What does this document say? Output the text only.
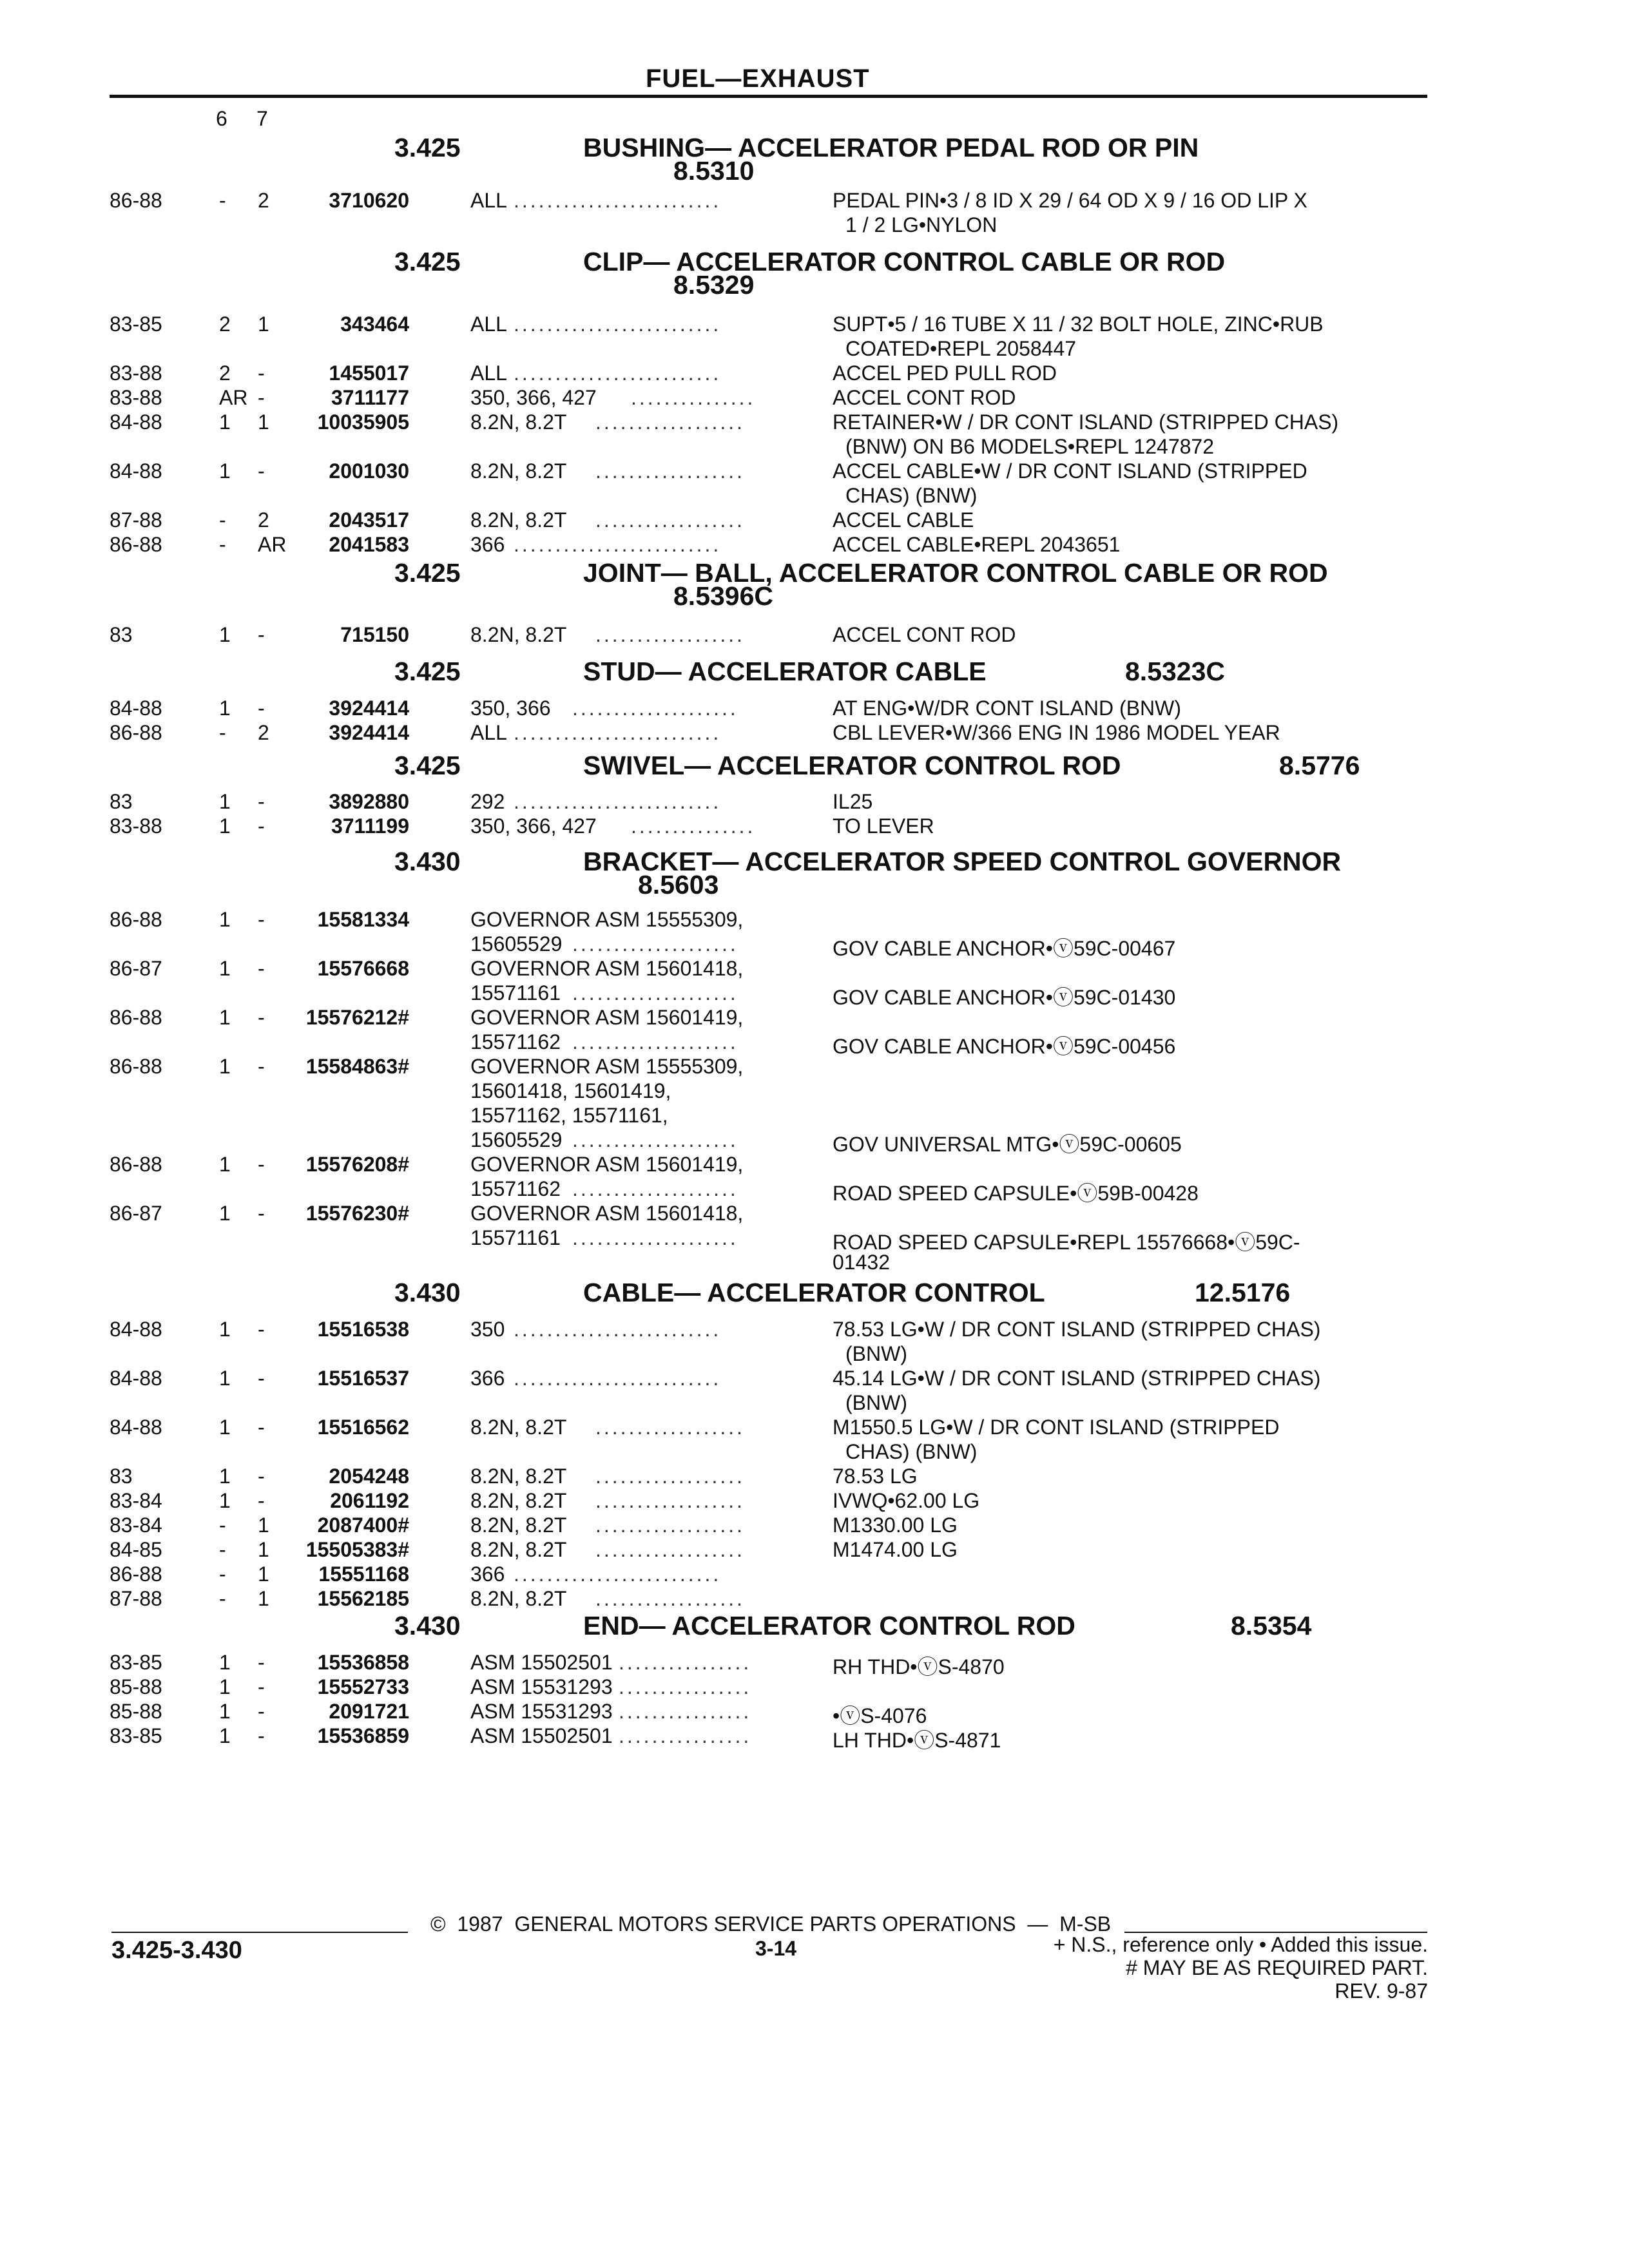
FUEL—EXHAUST
6 7
3.425	BUSHING— ACCELERATOR PEDAL ROD OR PIN
8.5310
86-88	- 2	3710620	ALL .........................	PEDAL PIN•3 / 8 ID X 29 / 64 OD X 9 / 16 OD LIP X
1 / 2 LG•NYLON
3.425	CLIP— ACCELERATOR CONTROL CABLE OR ROD
8.5329
83-85	2 1	343464	ALL .........................	SUPT•5 / 16 TUBE X 11 / 32 BOLT HOLE, ZINC•RUB
COATED•REPL 2058447
83-88	2 -	1455017	ALL .........................	ACCEL PED PULL ROD
83-88	AR -	3711177	350, 366, 427 ...............	ACCEL CONT ROD
84-88	1 1	10035905	8.2N, 8.2T ..................	RETAINER•W / DR CONT ISLAND (STRIPPED CHAS)
(BNW) ON B6 MODELS•REPL 1247872
84-88	1 -	2001030	8.2N, 8.2T ..................	ACCEL CABLE•W / DR CONT ISLAND (STRIPPED
CHAS) (BNW)
87-88	- 2	2043517	8.2N, 8.2T ..................	ACCEL CABLE
86-88	- AR	2041583	366 .........................	ACCEL CABLE•REPL 2043651
3.425	JOINT— BALL, ACCELERATOR CONTROL CABLE OR ROD
8.5396C
83	1 -	715150	8.2N, 8.2T ..................	ACCEL CONT ROD
3.425	STUD— ACCELERATOR CABLE	8.5323C
84-88	1 -	3924414	350, 366 ....................	AT ENG•W/DR CONT ISLAND (BNW)
86-88	- 2	3924414	ALL .........................	CBL LEVER•W/366 ENG IN 1986 MODEL YEAR
3.425	SWIVEL— ACCELERATOR CONTROL ROD	8.5776
83	1 -	3892880	292 .........................	IL25
83-88	1 -	3711199	350, 366, 427 ...............	TO LEVER
3.430	BRACKET— ACCELERATOR SPEED CONTROL GOVERNOR
8.5603
86-88	1 -	15581334	GOVERNOR ASM 15555309,
15605529 ....................	GOV CABLE ANCHOR•ⓥ59C-00467
86-87	1 -	15576668	GOVERNOR ASM 15601418,
15571161 ....................	GOV CABLE ANCHOR•ⓥ59C-01430
86-88	1 -	15576212#	GOVERNOR ASM 15601419,
15571162 ....................	GOV CABLE ANCHOR•ⓥ59C-00456
86-88	1 -	15584863#	GOVERNOR ASM 15555309,
15601418, 15601419,
15571162, 15571161,
15605529 ....................	GOV UNIVERSAL MTG•ⓥ59C-00605
86-88	1 -	15576208#	GOVERNOR ASM 15601419,
15571162 ....................	ROAD SPEED CAPSULE•ⓥ59B-00428
86-87	1 -	15576230#	GOVERNOR ASM 15601418,
15571161 ....................	ROAD SPEED CAPSULE•REPL 15576668•ⓥ59C-
01432
3.430	CABLE— ACCELERATOR CONTROL	12.5176
84-88	1 -	15516538	350 .........................	78.53 LG•W / DR CONT ISLAND (STRIPPED CHAS)
(BNW)
84-88	1 -	15516537	366 .........................	45.14 LG•W / DR CONT ISLAND (STRIPPED CHAS)
(BNW)
84-88	1 -	15516562	8.2N, 8.2T ..................	M1550.5 LG•W / DR CONT ISLAND (STRIPPED
CHAS) (BNW)
83	1 -	2054248	8.2N, 8.2T ..................	78.53 LG
83-84	1 -	2061192	8.2N, 8.2T ..................	IVWQ•62.00 LG
83-84	- 1	2087400#	8.2N, 8.2T ..................	M1330.00 LG
84-85	- 1	15505383#	8.2N, 8.2T ..................	M1474.00 LG
86-88	- 1	15551168	366 .........................
87-88	- 1	15562185	8.2N, 8.2T ..................
3.430	END— ACCELERATOR CONTROL ROD	8.5354
83-85	1 -	15536858	ASM 15502501 ................	RH THD•ⓥS-4870
85-88	1 -	15552733	ASM 15531293 ................
85-88	1 -	2091721	ASM 15531293 ................	•ⓥS-4076
83-85	1 -	15536859	ASM 15502501 ................	LH THD•ⓥS-4871
©  1987  GENERAL MOTORS SERVICE PARTS OPERATIONS  —  M-SB
3.425-3.430	3-14	+ N.S., reference only • Added this issue.
# MAY BE AS REQUIRED PART.
REV. 9-87
